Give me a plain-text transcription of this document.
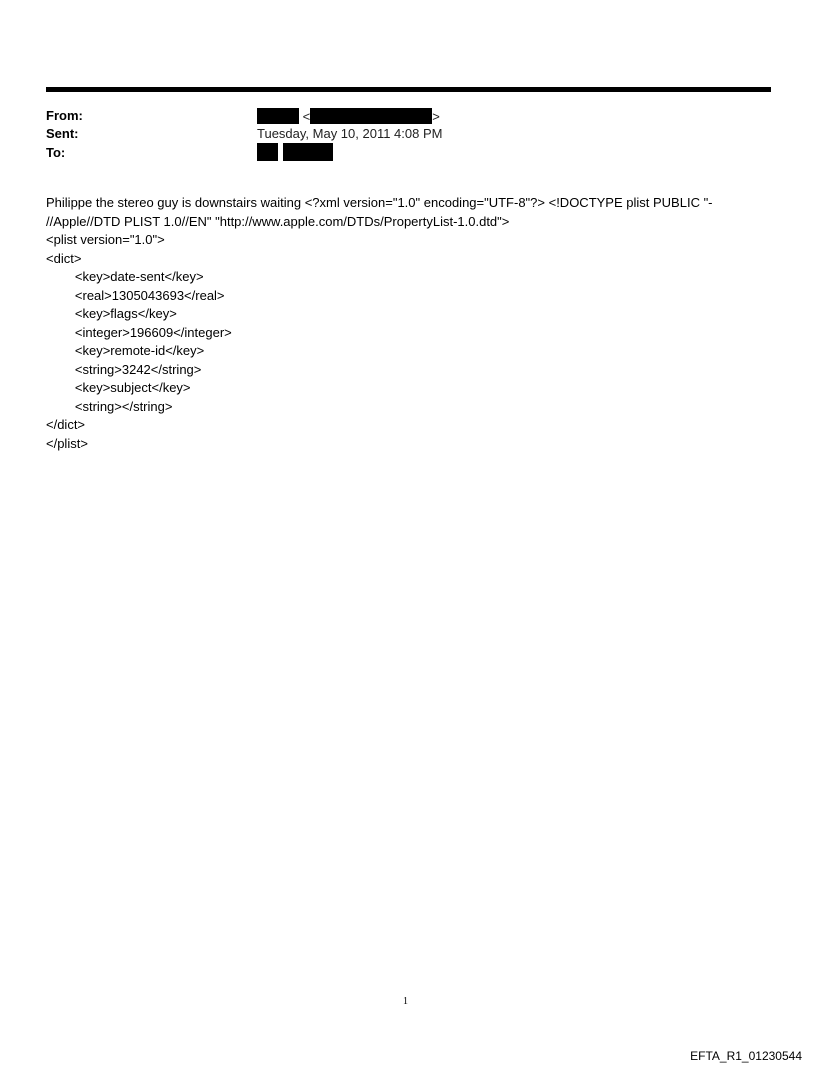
From:	<	>
Sent:	Tuesday, May 10, 2011 4:08 PM
To:

Philippe the stereo guy is downstairs waiting <?xml version="1.0" encoding="UTF-8"?> <!DOCTYPE plist PUBLIC "-
//Apple//DTD PLIST 1.0//EN" "http://www.apple.com/DTDs/PropertyList-1.0.dtd">
<plist version="1.0">
<dict>
<key>date-sent</key>
<real>1305043693</real>
<key>flags</key>
<integer>196609</integer>
<key>remote-id</key>
<string>3242</string>
<key>subject</key>
<string></string>
</dict>
</plist>
1
EFTA_R1_01230544
